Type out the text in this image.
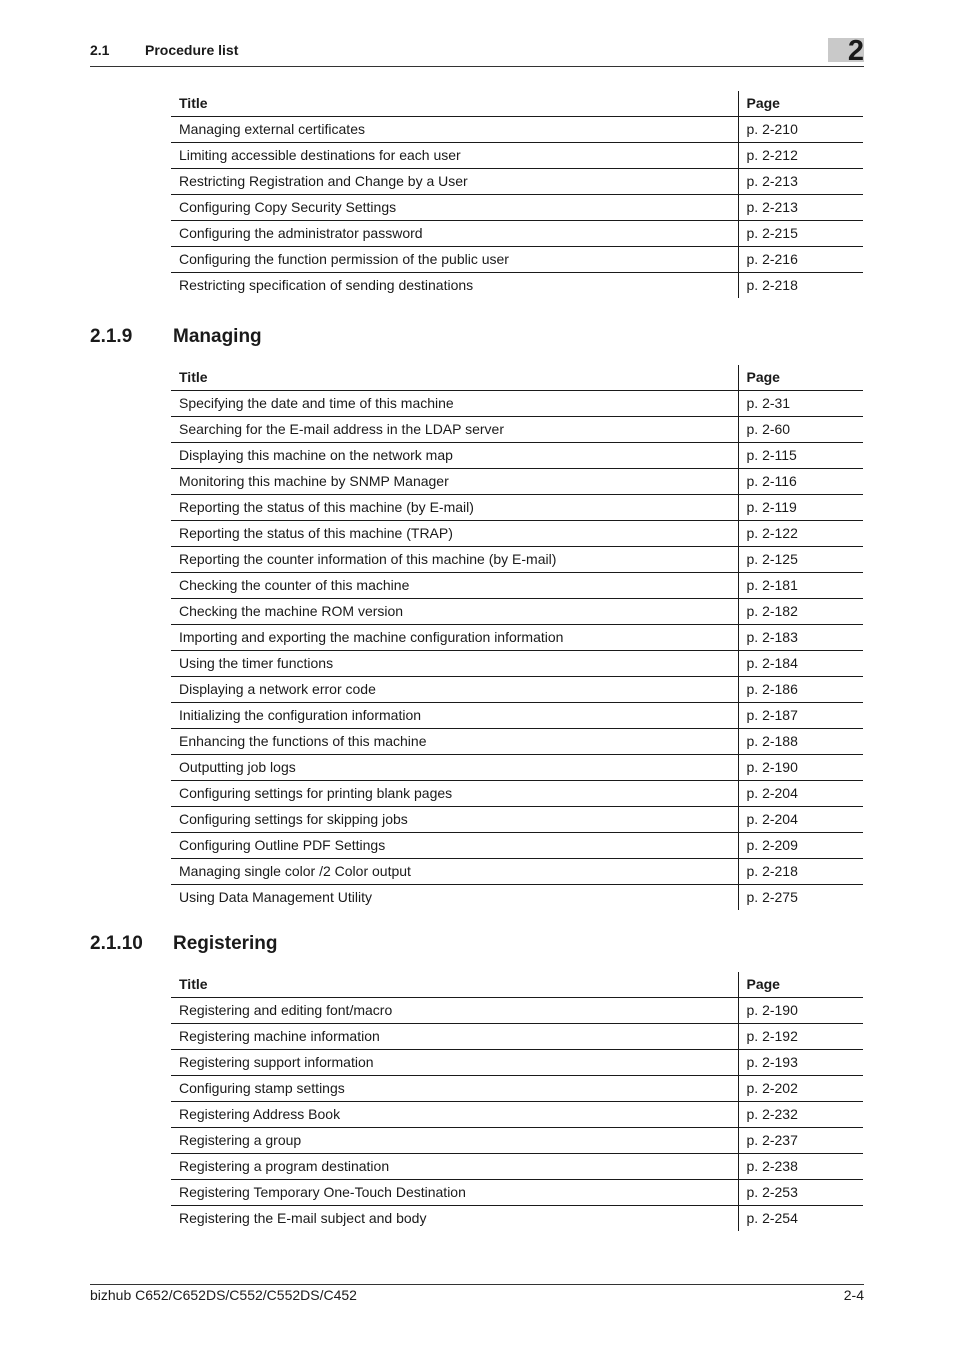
2.1	Procedure list	2
Title	Page
Managing external certificates	p. 2-210
Limiting accessible destinations for each user	p. 2-212
Restricting Registration and Change by a User	p. 2-213
Configuring Copy Security Settings	p. 2-213
Configuring the administrator password	p. 2-215
Configuring the function permission of the public user	p. 2-216
Restricting specification of sending destinations	p. 2-218
2.1.9 Managing
Title	Page
Specifying the date and time of this machine	p. 2-31
Searching for the E-mail address in the LDAP server	p. 2-60
Displaying this machine on the network map	p. 2-115
Monitoring this machine by SNMP Manager	p. 2-116
Reporting the status of this machine (by E-mail)	p. 2-119
Reporting the status of this machine (TRAP)	p. 2-122
Reporting the counter information of this machine (by E-mail)	p. 2-125
Checking the counter of this machine	p. 2-181
Checking the machine ROM version	p. 2-182
Importing and exporting the machine configuration information	p. 2-183
Using the timer functions	p. 2-184
Displaying a network error code	p. 2-186
Initializing the configuration information	p. 2-187
Enhancing the functions of this machine	p. 2-188
Outputting job logs	p. 2-190
Configuring settings for printing blank pages	p. 2-204
Configuring settings for skipping jobs	p. 2-204
Configuring Outline PDF Settings	p. 2-209
Managing single color /2 Color output	p. 2-218
Using Data Management Utility	p. 2-275
2.1.10 Registering
Title	Page
Registering and editing font/macro	p. 2-190
Registering machine information	p. 2-192
Registering support information	p. 2-193
Configuring stamp settings	p. 2-202
Registering Address Book	p. 2-232
Registering a group	p. 2-237
Registering a program destination	p. 2-238
Registering Temporary One-Touch Destination	p. 2-253
Registering the E-mail subject and body	p. 2-254
bizhub C652/C652DS/C552/C552DS/C452	2-4
